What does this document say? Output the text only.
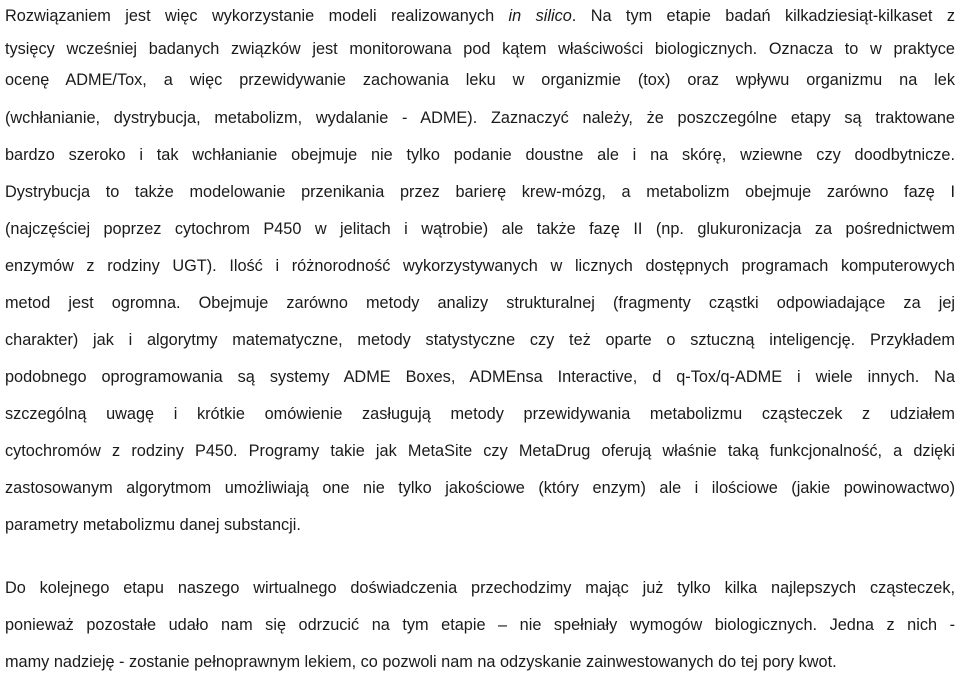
Rozwiązaniem jest więc wykorzystanie modeli realizowanych in silico. Na tym etapie badań kilkadziesiąt-kilkaset z
tysięcy wcześniej badanych związków jest monitorowana pod kątem właściwości biologicznych. Oznacza to w praktyce
ocenę ADME/Tox, a więc przewidywanie zachowania leku w organizmie (tox) oraz wpływu organizmu na lek
(wchłanianie, dystrybucja, metabolizm, wydalanie - ADME). Zaznaczyć należy, że poszczególne etapy są traktowane
bardzo szeroko i tak wchłanianie obejmuje nie tylko podanie doustne ale i na skórę, wziewne czy doodbytnicze.
Dystrybucja to także modelowanie przenikania przez barierę krew-mózg, a metabolizm obejmuje zarówno fazę I
(najczęściej poprzez cytochrom P450 w jelitach i wątrobie) ale także fazę II (np. glukuronizacja za pośrednictwem
enzymów z rodziny UGT). Ilość i różnorodność wykorzystywanych w licznych dostępnych programach komputerowych
metod jest ogromna. Obejmuje zarówno metody analizy strukturalnej (fragmenty cząstki odpowiadające za jej
charakter) jak i algorytmy matematyczne, metody statystyczne czy też oparte o sztuczną inteligencję. Przykładem
podobnego oprogramowania są systemy ADME Boxes, ADMEnsa Interactive, d q-Tox/q-ADME i wiele innych. Na
szczególną uwagę i krótkie omówienie zasługują metody przewidywania metabolizmu cząsteczek z udziałem
cytochromów z rodziny P450. Programy takie jak MetaSite czy MetaDrug oferują właśnie taką funkcjonalność, a dzięki
zastosowanym algorytmom umożliwiają one nie tylko jakościowe (który enzym) ale i ilościowe (jakie powinowactwo)
parametry metabolizmu danej substancji.
Do kolejnego etapu naszego wirtualnego doświadczenia przechodzimy mając już tylko kilka najlepszych cząsteczek,
ponieważ pozostałe udało nam się odrzucić na tym etapie – nie spełniały wymogów biologicznych. Jedna z nich -
mamy nadzieję - zostanie pełnoprawnym lekiem, co pozwoli nam na odzyskanie zainwestowanych do tej pory kwot.
